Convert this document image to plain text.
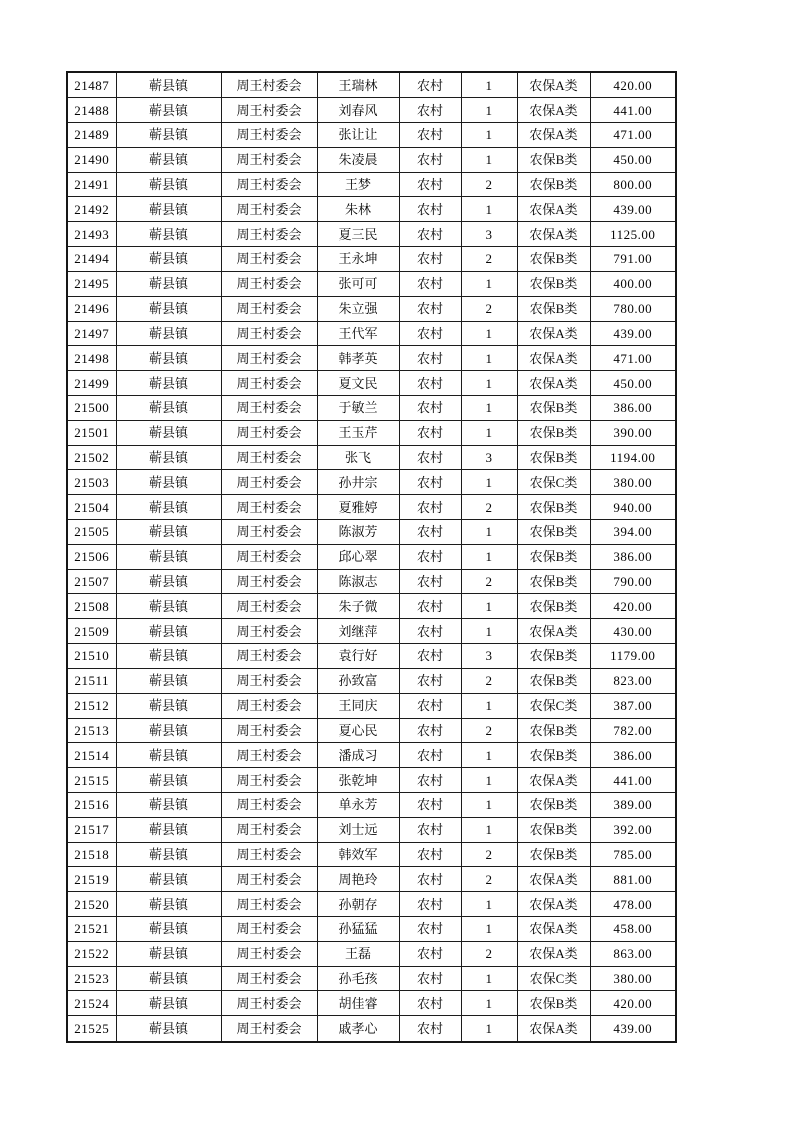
21487	蕲县镇	周王村委会	王瑞林	农村	1	农保A类	420.00
21488	蕲县镇	周王村委会	刘春风	农村	1	农保A类	441.00
21489	蕲县镇	周王村委会	张让让	农村	1	农保A类	471.00
21490	蕲县镇	周王村委会	朱凌晨	农村	1	农保B类	450.00
21491	蕲县镇	周王村委会	王梦	农村	2	农保B类	800.00
21492	蕲县镇	周王村委会	朱林	农村	1	农保A类	439.00
21493	蕲县镇	周王村委会	夏三民	农村	3	农保A类	1125.00
21494	蕲县镇	周王村委会	王永坤	农村	2	农保B类	791.00
21495	蕲县镇	周王村委会	张可可	农村	1	农保B类	400.00
21496	蕲县镇	周王村委会	朱立强	农村	2	农保B类	780.00
21497	蕲县镇	周王村委会	王代军	农村	1	农保A类	439.00
21498	蕲县镇	周王村委会	韩孝英	农村	1	农保A类	471.00
21499	蕲县镇	周王村委会	夏文民	农村	1	农保A类	450.00
21500	蕲县镇	周王村委会	于敏兰	农村	1	农保B类	386.00
21501	蕲县镇	周王村委会	王玉芹	农村	1	农保B类	390.00
21502	蕲县镇	周王村委会	张飞	农村	3	农保B类	1194.00
21503	蕲县镇	周王村委会	孙井宗	农村	1	农保C类	380.00
21504	蕲县镇	周王村委会	夏雅婷	农村	2	农保B类	940.00
21505	蕲县镇	周王村委会	陈淑芳	农村	1	农保B类	394.00
21506	蕲县镇	周王村委会	邱心翠	农村	1	农保B类	386.00
21507	蕲县镇	周王村委会	陈淑志	农村	2	农保B类	790.00
21508	蕲县镇	周王村委会	朱子微	农村	1	农保B类	420.00
21509	蕲县镇	周王村委会	刘继萍	农村	1	农保A类	430.00
21510	蕲县镇	周王村委会	袁行好	农村	3	农保B类	1179.00
21511	蕲县镇	周王村委会	孙致富	农村	2	农保B类	823.00
21512	蕲县镇	周王村委会	王同庆	农村	1	农保C类	387.00
21513	蕲县镇	周王村委会	夏心民	农村	2	农保B类	782.00
21514	蕲县镇	周王村委会	潘成习	农村	1	农保B类	386.00
21515	蕲县镇	周王村委会	张乾坤	农村	1	农保A类	441.00
21516	蕲县镇	周王村委会	单永芳	农村	1	农保B类	389.00
21517	蕲县镇	周王村委会	刘士远	农村	1	农保B类	392.00
21518	蕲县镇	周王村委会	韩效军	农村	2	农保B类	785.00
21519	蕲县镇	周王村委会	周艳玲	农村	2	农保A类	881.00
21520	蕲县镇	周王村委会	孙朝存	农村	1	农保A类	478.00
21521	蕲县镇	周王村委会	孙猛猛	农村	1	农保A类	458.00
21522	蕲县镇	周王村委会	王磊	农村	2	农保A类	863.00
21523	蕲县镇	周王村委会	孙毛孩	农村	1	农保C类	380.00
21524	蕲县镇	周王村委会	胡佳睿	农村	1	农保B类	420.00
21525	蕲县镇	周王村委会	戚孝心	农村	1	农保A类	439.00
